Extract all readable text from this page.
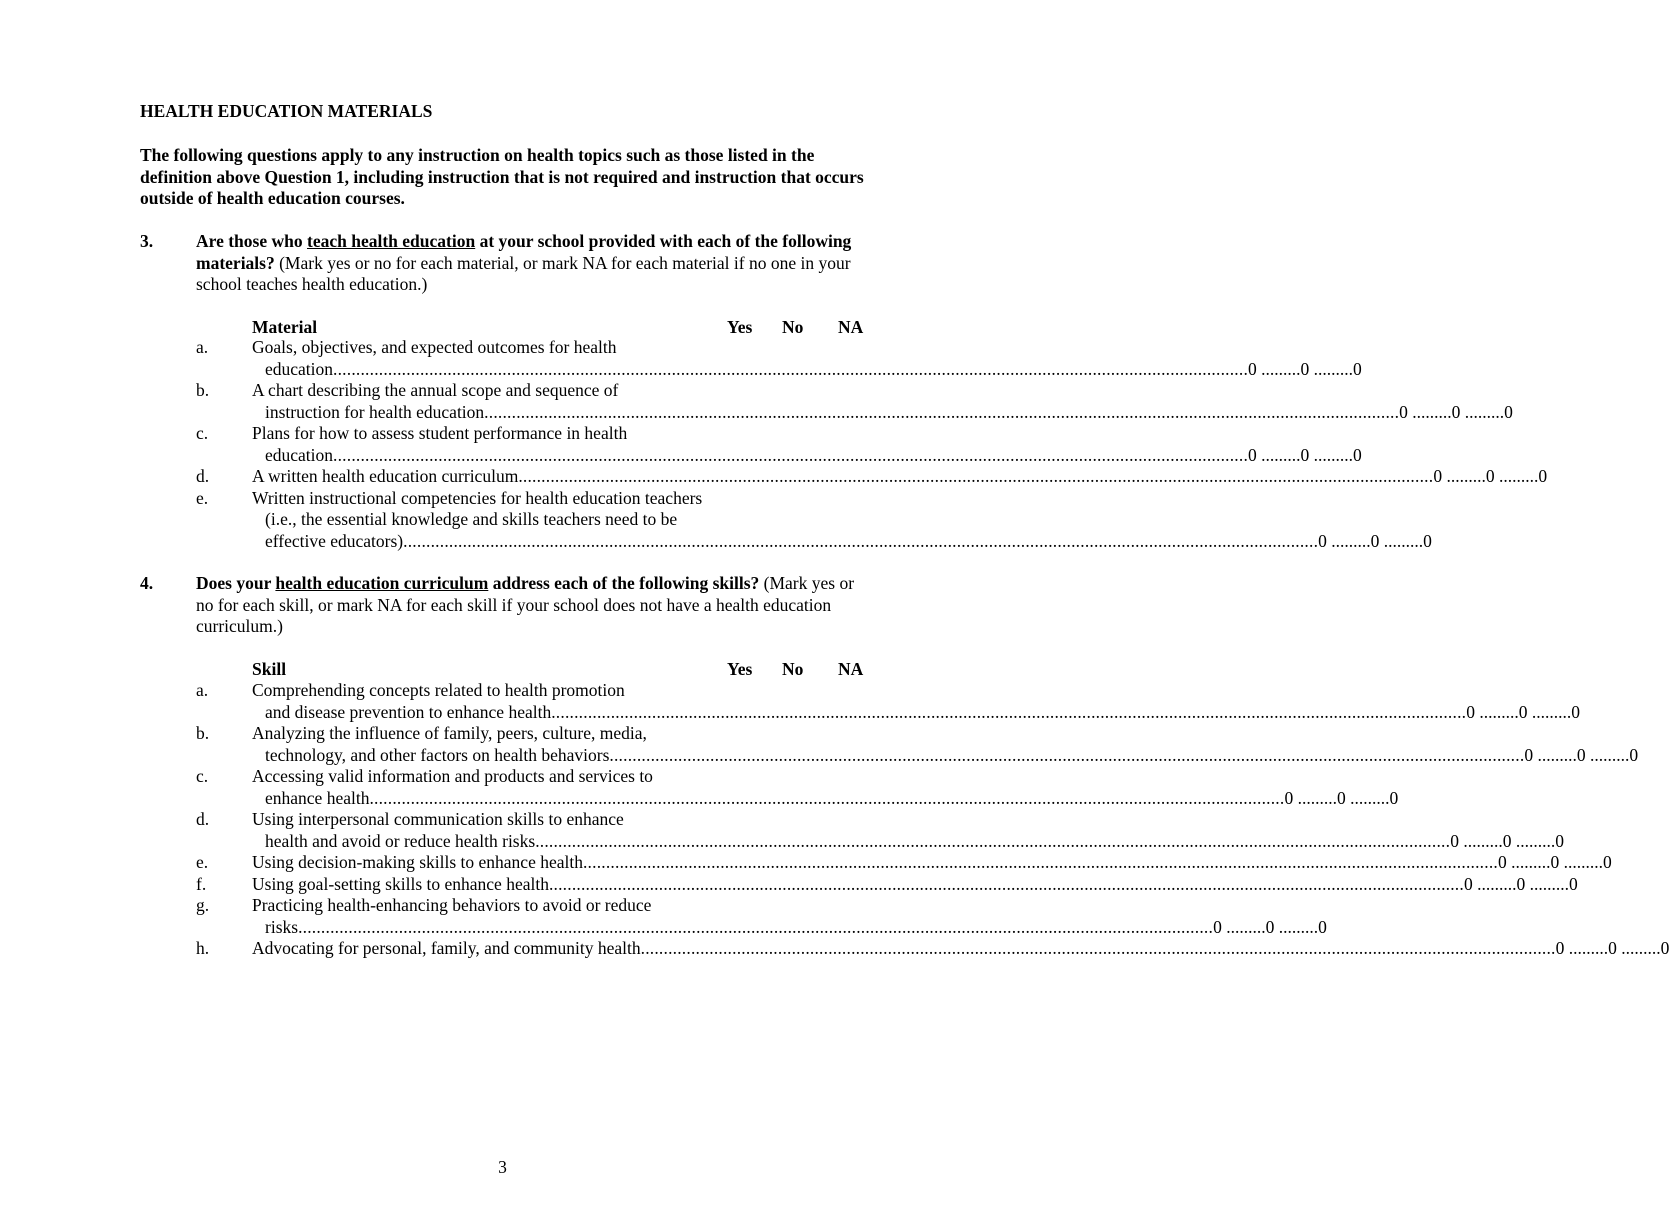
HEALTH EDUCATION MATERIALS
The following questions apply to any instruction on health topics such as those listed in the definition above Question 1, including instruction that is not required and instruction that occurs outside of health education courses.
3. Are those who teach health education at your school provided with each of the following materials? (Mark yes or no for each material, or mark NA for each material if no one in your school teaches health education.)
Material	Yes No NA
a.	Goals, objectives, and expected outcomes for health
education ........................................................................................................................................................................................................ 0 .........0 .........0
b. A chart describing the annual scope and sequence of
instruction for health education ........................................................................................................................................................................................................ 0 .........0 .........0
c.	Plans for how to assess student performance in health
education ........................................................................................................................................................................................................ 0 .........0 .........0
d. A written health education curriculum ........................................................................................................................................................................................................ 0 .........0 .........0
e.	Written instructional competencies for health education teachers
(i.e., the essential knowledge and skills teachers need to be
effective educators) ........................................................................................................................................................................................................ 0 .........0 .........0
4. Does your health education curriculum address each of the following skills? (Mark yes or no for each skill, or mark NA for each skill if your school does not have a health education curriculum.)
Skill	Yes No NA
a.	Comprehending concepts related to health promotion
and disease prevention to enhance health ........................................................................................................................................................................................................ 0 .........0 .........0
b. Analyzing the influence of family, peers, culture, media,
technology, and other factors on health behaviors ........................................................................................................................................................................................................ 0 .........0 .........0
c.	Accessing valid information and products and services to
enhance health ........................................................................................................................................................................................................ 0 .........0 .........0
d. Using interpersonal communication skills to enhance
health and avoid or reduce health risks ........................................................................................................................................................................................................ 0 .........0 .........0
e.	Using decision-making skills to enhance health ........................................................................................................................................................................................................ 0 .........0 .........0
f.	Using goal-setting skills to enhance health ........................................................................................................................................................................................................ 0 .........0 .........0
g. Practicing health-enhancing behaviors to avoid or reduce
risks ........................................................................................................................................................................................................ 0 .........0 .........0
h. Advocating for personal, family, and community health ........................................................................................................................................................................................................ 0 .........0 .........0
3
